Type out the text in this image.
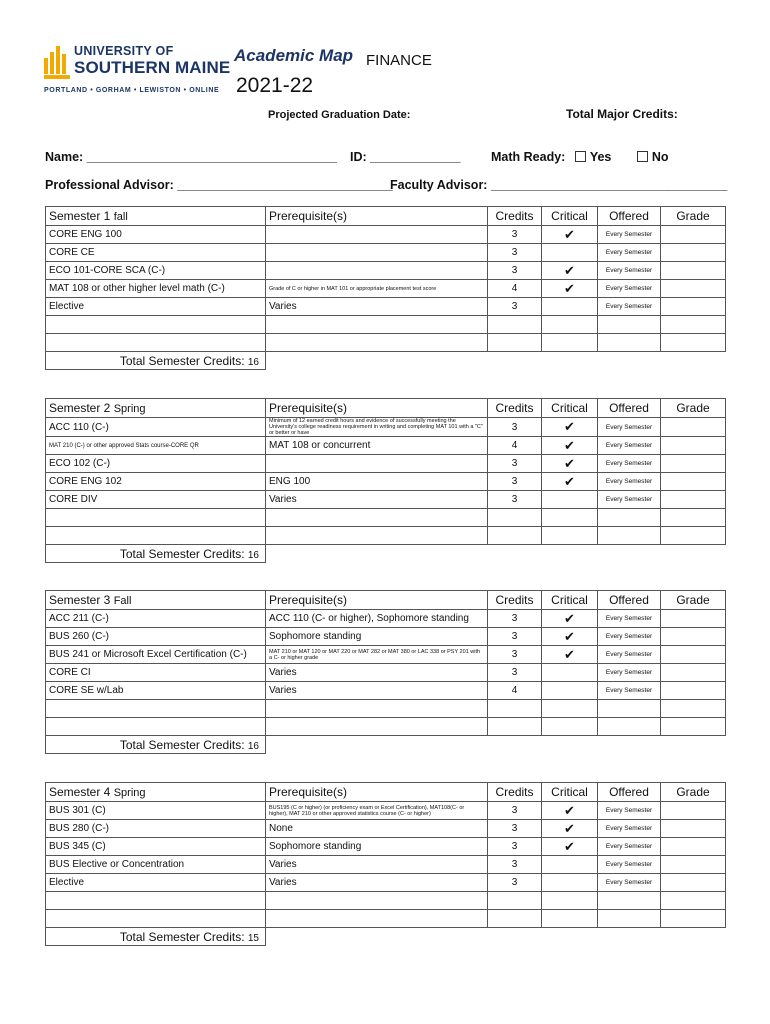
UNIVERSITY OF
SOUTHERN MAINE
PORTLAND • GORHAM • LEWISTON • ONLINE
Academic Map FINANCE
2021-22
Projected Graduation Date:	Total Major Credits:
Name: ____________________________________ ID: _____________ Math Ready: Yes	No
Professional Advisor: _______________________________
Faculty Advisor: __________________________________
Semester 1 fall	Prerequisite(s)	Credits	Critical	Offered	Grade
CORE ENG 100		3	✔	Every Semester	
CORE CE		3		Every Semester	
ECO 101-CORE SCA (C-)		3	✔	Every Semester	
MAT 108 or other higher level math (C-)	Grade of C or higher in MAT 101 or appropriate placement test score	4	✔	Every Semester	
Elective	Varies	3		Every Semester	

Total Semester Credits: 16					
Semester 2 Spring	Prerequisite(s)	Credits	Critical	Offered	Grade
ACC 110 (C-)	Minimum of 12 earned credit hours and evidence of successfully meeting the University's college readiness requirement in writing and completing MAT 101 with a "C" or better or have	3	✔	Every Semester	
MAT 210 (C-) or other approved Stats course-CORE QR	MAT 108 or concurrent	4	✔	Every Semester	
ECO 102 (C-)		3	✔	Every Semester	
CORE ENG 102	ENG 100	3	✔	Every Semester	
CORE DIV	Varies	3		Every Semester	

Total Semester Credits: 16					
Semester 3 Fall	Prerequisite(s)	Credits	Critical	Offered	Grade
ACC 211 (C-)	ACC 110 (C- or higher), Sophomore standing	3	✔	Every Semester	
BUS 260 (C-)	Sophomore standing	3	✔	Every Semester	
BUS 241 or Microsoft Excel Certification (C-)	MAT 210 or MAT 120 or MAT 220 or MAT 282 or MAT 380 or LAC 338 or PSY 201 with a C- or higher grade	3	✔	Every Semester	
CORE CI	Varies	3		Every Semester	
CORE SE w/Lab	Varies	4		Every Semester	

Total Semester Credits: 16					
Semester 4 Spring	Prerequisite(s)	Credits	Critical	Offered	Grade
BUS 301 (C)	BUS195 (C or higher) (or proficiency exam or Excel Certification), MAT108(C- or higher), MAT 210 or other approved statistics course (C- or higher)	3	✔	Every Semester	
BUS 280 (C-)	None	3	✔	Every Semester	
BUS 345 (C)	Sophomore standing	3	✔	Every Semester	
BUS Elective or Concentration	Varies	3		Every Semester	
Elective	Varies	3		Every Semester	

Total Semester Credits: 15					
